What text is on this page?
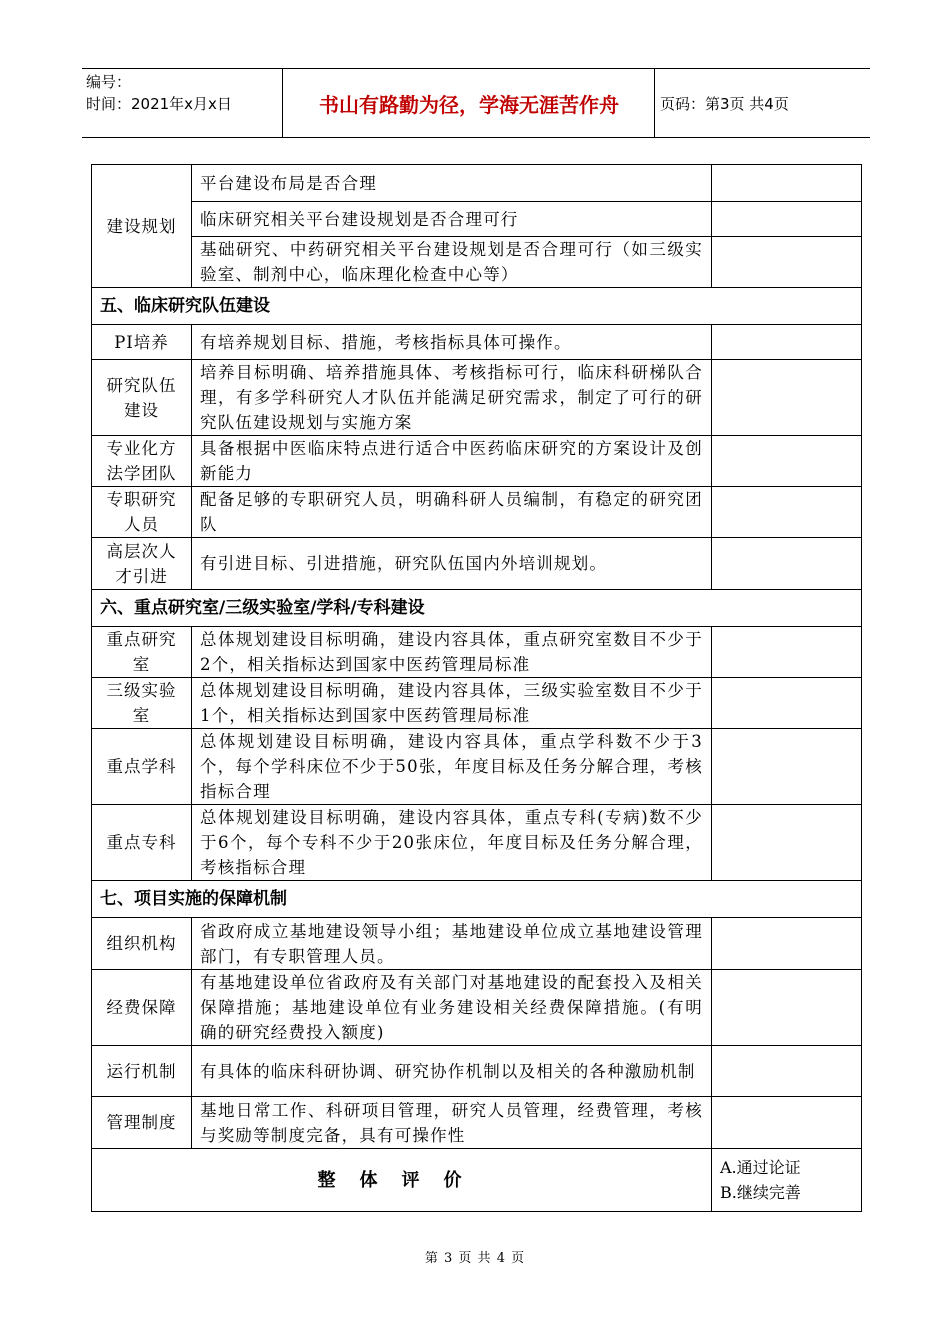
编号：
时间：2021年x月x日	书山有路勤为径，学海无涯苦作舟	页码：第3页 共4页
建设规划	平台建设布局是否合理	
	临床研究相关平台建设规划是否合理可行	
	基础研究、中药研究相关平台建设规划是否合理可行（如三级实验室、制剂中心，临床理化检查中心等）	
五、临床研究队伍建设		
PI培养	有培养规划目标、措施，考核指标具体可操作。	
研究队伍建设	培养目标明确、培养措施具体、考核指标可行，临床科研梯队合理，有多学科研究人才队伍并能满足研究需求，制定了可行的研究队伍建设规划与实施方案	
专业化方法学团队	具备根据中医临床特点进行适合中医药临床研究的方案设计及创新能力	
专职研究人员	配备足够的专职研究人员，明确科研人员编制，有稳定的研究团队	
高层次人才引进	有引进目标、引进措施，研究队伍国内外培训规划。	
六、重点研究室/三级实验室/学科/专科建设		
重点研究室	总体规划建设目标明确，建设内容具体，重点研究室数目不少于2个，相关指标达到国家中医药管理局标准	
三级实验室	总体规划建设目标明确，建设内容具体，三级实验室数目不少于1个，相关指标达到国家中医药管理局标准	
重点学科	总体规划建设目标明确，建设内容具体，重点学科数不少于3个，每个学科床位不少于50张，年度目标及任务分解合理，考核指标合理	
重点专科	总体规划建设目标明确，建设内容具体，重点专科(专病)数不少于6个，每个专科不少于20张床位，年度目标及任务分解合理，考核指标合理	
七、项目实施的保障机制		
组织机构	省政府成立基地建设领导小组；基地建设单位成立基地建设管理部门，有专职管理人员。	
经费保障	有基地建设单位省政府及有关部门对基地建设的配套投入及相关保障措施；基地建设单位有业务建设相关经费保障措施。(有明确的研究经费投入额度)	
运行机制	有具体的临床科研协调、研究协作机制以及相关的各种激励机制	
管理制度	基地日常工作、科研项目管理，研究人员管理，经费管理，考核与奖励等制度完备，具有可操作性	
整体评价		A.通过论证
B.继续完善
第 3 页 共 4 页
